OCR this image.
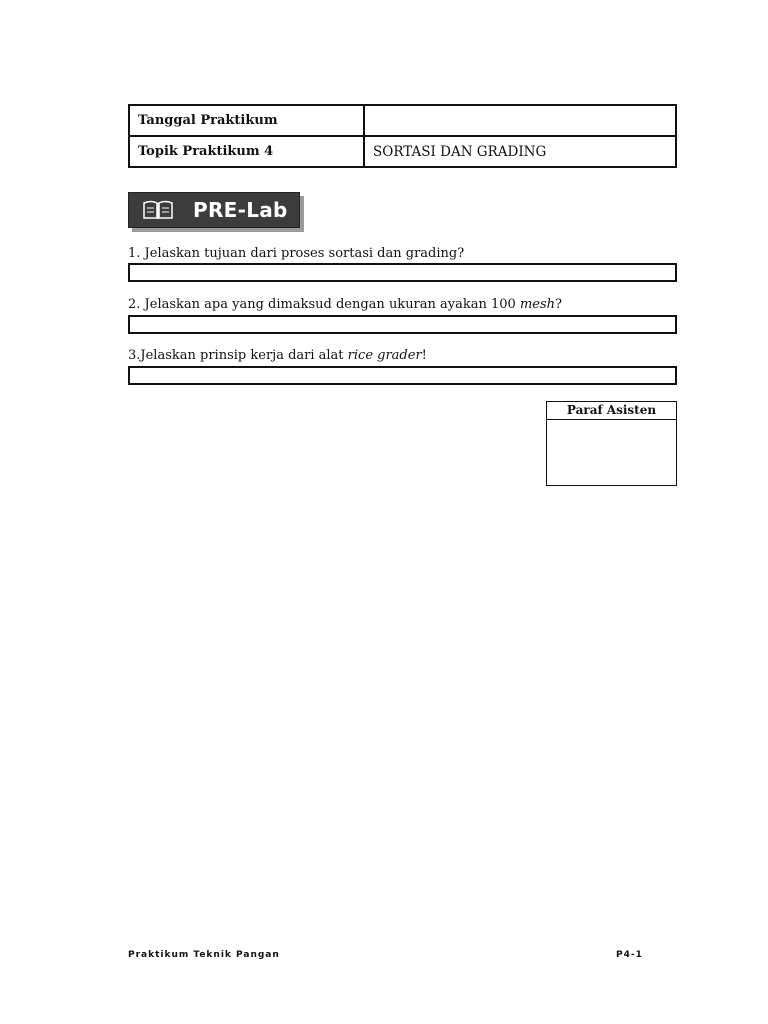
Tanggal Praktikum	
Topik Praktikum 4	SORTASI DAN GRADING
PRE-Lab
1. Jelaskan tujuan dari proses sortasi dan grading?
2. Jelaskan apa yang dimaksud dengan ukuran ayakan 100 mesh?
3.Jelaskan prinsip kerja dari alat rice grader!
Paraf Asisten
Praktikum Teknik Pangan	P4-1
